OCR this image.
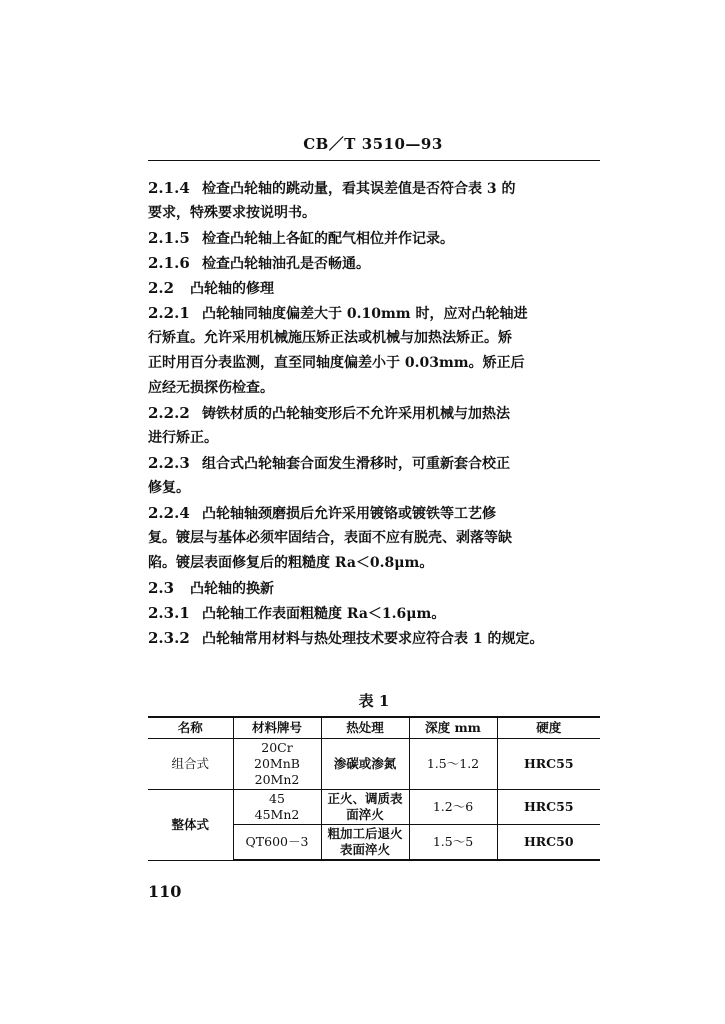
CB／T 3510—93
2.1.4 检查凸轮轴的跳动量，看其误差值是否符合表 3 的
要求，特殊要求按说明书。
2.1.5 检查凸轮轴上各缸的配气相位并作记录。
2.1.6 检查凸轮轴油孔是否畅通。
2.2 凸轮轴的修理
2.2.1 凸轮轴同轴度偏差大于 0.10mm 时，应对凸轮轴进
行矫直。允许采用机械施压矫正法或机械与加热法矫正。矫
正时用百分表监测，直至同轴度偏差小于 0.03mm。矫正后
应经无损探伤检查。
2.2.2 铸铁材质的凸轮轴变形后不允许采用机械与加热法
进行矫正。
2.2.3 组合式凸轮轴套合面发生滑移时，可重新套合校正
修复。
2.2.4 凸轮轴轴颈磨损后允许采用镀铬或镀铁等工艺修
复。镀层与基体必须牢固结合，表面不应有脱壳、剥落等缺
陷。镀层表面修复后的粗糙度 Ra＜0.8μm。
2.3 凸轮轴的换新
2.3.1 凸轮轴工作表面粗糙度 Ra＜1.6μm。
2.3.2 凸轮轴常用材料与热处理技术要求应符合表 1 的规定。
表 1
名称	材料牌号	热处理	深度 mm	硬度
组合式	20Cr
20MnB
20Mn2	渗碳或渗氮	1.5～1.2	HRC55
整体式	45
45Mn2	正火、调质表面淬火	1.2～6	HRC55

	QT600－3	粗加工后退火表面淬火	1.5～5	HRC50
110
